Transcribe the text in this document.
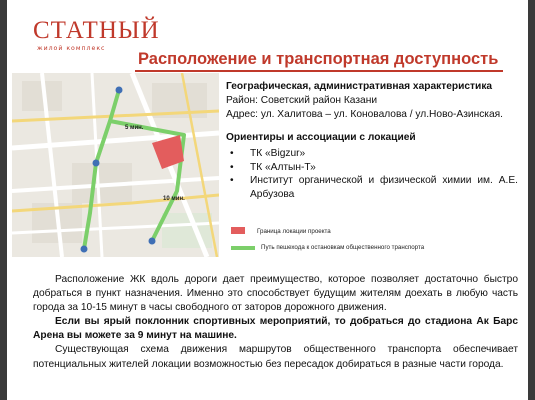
СТАТНЫЙ
жилой комплекс
Расположение и транспортная доступность
5 мин.
10 мин.
Географическая, административная характеристика
Район: Советский район Казани
Адрес: ул. Халитова – ул. Коновалова / ул.Ново-Азинская.
Ориентиры и ассоциации с локацией
• ТК «Bigzur»
• ТК «Алтын-Т»
• Институт органической и физической химии им. А.Е. Арбузова
Граница локации проекта
Путь пешехода к остановкам общественного транспорта

Расположение ЖК вдоль дороги дает преимущество, которое позволяет достаточно быстро добраться в пункт назначения. Именно это способствует будущим жителям доехать в любую часть города за 10-15 минут в часы свободного от заторов дорожного движения.

Если вы ярый поклонник спортивных мероприятий, то добраться до стадиона Ак Барс Арена вы можете за 9 минут на машине.

Существующая схема движения маршрутов общественного транспорта обеспечивает потенциальных жителей локации возможностью без пересадок добираться в разные части города.
